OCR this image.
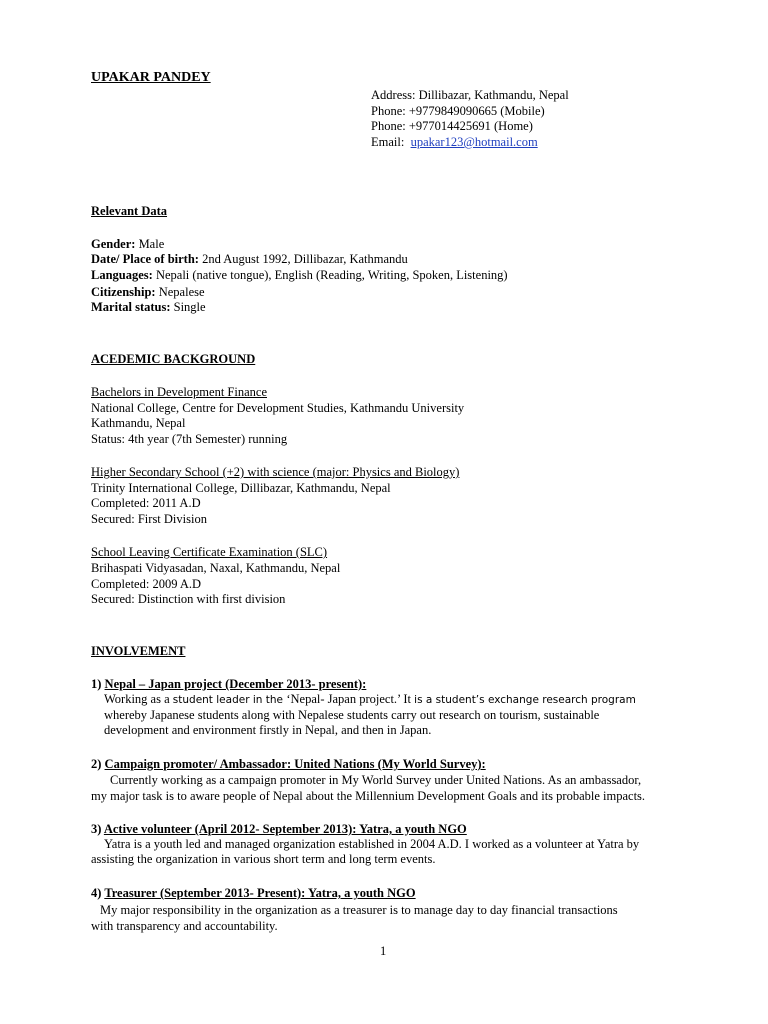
UPAKAR PANDEY
Address: Dillibazar, Kathmandu, Nepal
Phone: +9779849090665 (Mobile)
Phone: +977014425691 (Home)
Email: upakar123@hotmail.com
Relevant Data
Gender: Male
Date/ Place of birth: 2nd August 1992, Dillibazar, Kathmandu
Languages: Nepali (native tongue), English (Reading, Writing, Spoken, Listening)
Citizenship: Nepalese
Marital status: Single
ACEDEMIC BACKGROUND
Bachelors in Development Finance
National College, Centre for Development Studies, Kathmandu University
Kathmandu, Nepal
Status: 4th year (7th Semester) running
Higher Secondary School (+2) with science (major: Physics and Biology)
Trinity International College, Dillibazar, Kathmandu, Nepal
Completed: 2011 A.D
Secured: First Division
School Leaving Certificate Examination (SLC)
Brihaspati Vidyasadan, Naxal, Kathmandu, Nepal
Completed: 2009 A.D
Secured: Distinction with first division
INVOLVEMENT
1) Nepal – Japan project (December 2013- present):
Working as a student leader in the ‘Nepal- Japan project.’ It is a student’s exchange research program
whereby Japanese students along with Nepalese students carry out research on tourism, sustainable
development and environment firstly in Nepal, and then in Japan.
2) Campaign promoter/ Ambassador: United Nations (My World Survey):
Currently working as a campaign promoter in My World Survey under United Nations. As an ambassador,
my major task is to aware people of Nepal about the Millennium Development Goals and its probable impacts.
3) Active volunteer (April 2012- September 2013): Yatra, a youth NGO
Yatra is a youth led and managed organization established in 2004 A.D. I worked as a volunteer at Yatra by
assisting the organization in various short term and long term events.
4) Treasurer (September 2013- Present): Yatra, a youth NGO
My major responsibility in the organization as a treasurer is to manage day to day financial transactions
with transparency and accountability.
1
